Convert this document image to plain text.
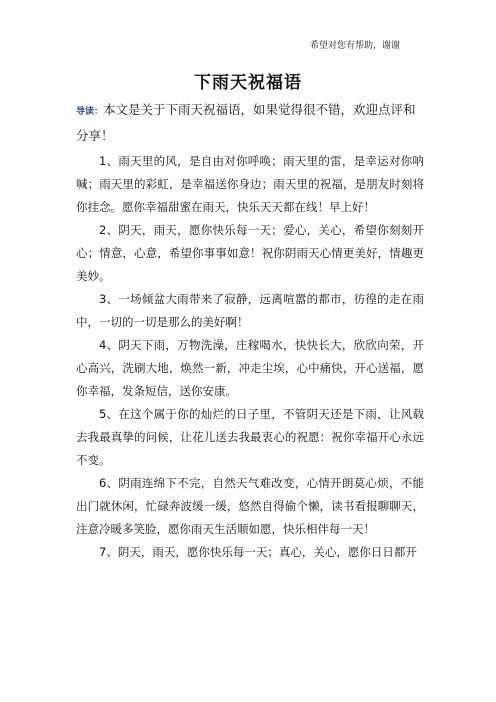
希望对您有帮助，谢谢
下雨天祝福语
导读：本文是关于下雨天祝福语，如果觉得很不错，欢迎点评和分享！

1、雨天里的风，是自由对你呼唤；雨天里的雷，是幸运对你呐喊；雨天里的彩虹，是幸福送你身边；雨天里的祝福，是朋友时刻将你挂念。愿你幸福甜蜜在雨天，快乐天天都在线！早上好！

2、阴天，雨天，愿你快乐每一天；爱心，关心，希望你刻刻开心；情意，心意，希望你事事如意！祝你阴雨天心情更美好，情趣更美妙。

3、一场倾盆大雨带来了寂静，远离喧嚣的都市，彷徨的走在雨中，一切的一切是那么的美好啊！

4、阴天下雨，万物洗澡，庄稼喝水，快快长大，欣欣向荣，开心高兴，洗刷大地，焕然一新，冲走尘埃，心中痛快，开心送福，愿你幸福，发条短信，送你安康。

5、在这个属于你的灿烂的日子里，不管阴天还是下雨，让风载去我最真挚的问候，让花儿送去我最衷心的祝愿：祝你幸福开心永远不变。

6、阴雨连绵下不完，自然天气难改变，心情开朗莫心烦，不能出门就休闲，忙碌奔波缓一缓，悠然自得偷个懒，读书看报聊聊天，注意冷暖多笑脸，愿你雨天生活顺如愿，快乐相伴每一天！

7、阴天，雨天，愿你快乐每一天；真心，关心，愿你日日都开
